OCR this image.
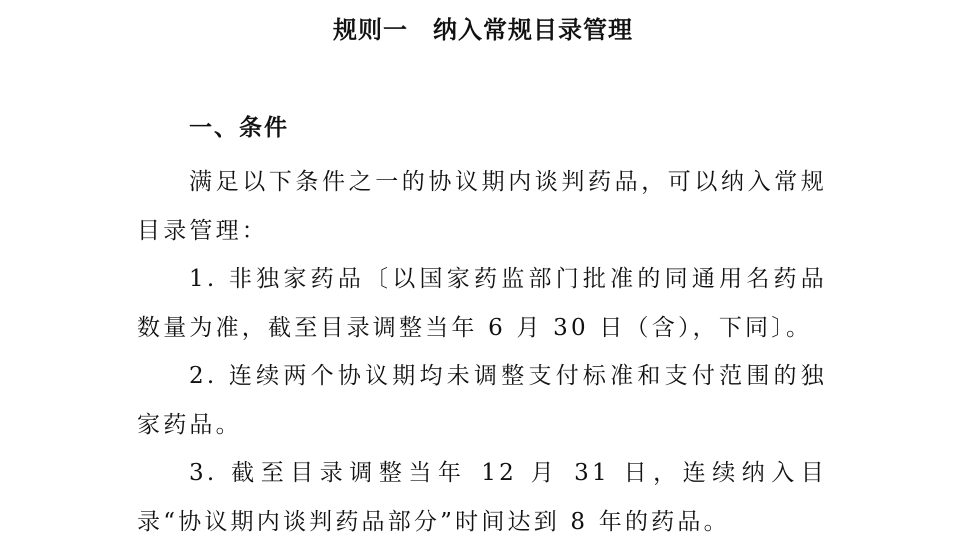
规则一　纳入常规目录管理
一、条件

满足以下条件之一的协议期内谈判药品，可以纳入常规目录管理：

1. 非独家药品〔以国家药监部门批准的同通用名药品数量为准，截至目录调整当年 6 月 30 日（含），下同〕。

2. 连续两个协议期均未调整支付标准和支付范围的独家药品。

3. 截至目录调整当年 12 月 31 日，连续纳入目录“协议期内谈判药品部分”时间达到 8 年的药品。
